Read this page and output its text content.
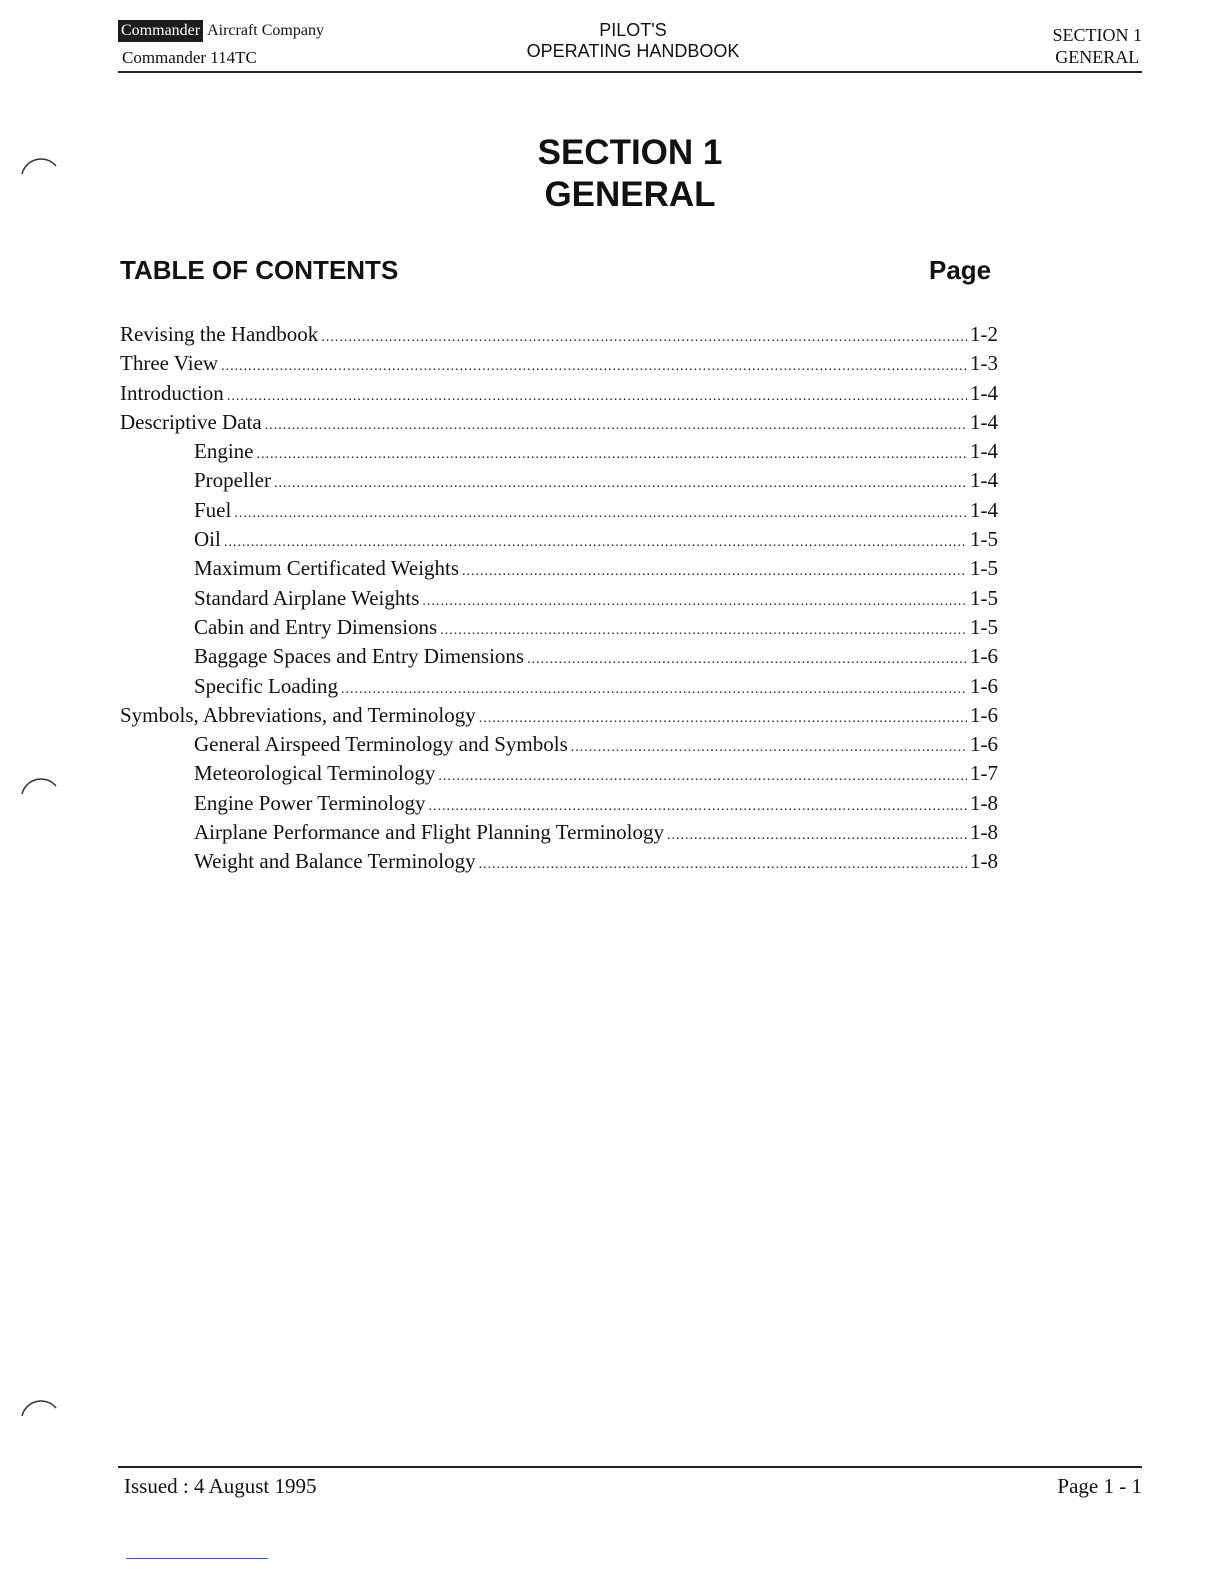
Commander Aircraft Company
Commander 114TC
PILOT'S
OPERATING HANDBOOK
SECTION 1
GENERAL
SECTION 1
GENERAL
TABLE OF CONTENTS	Page
Revising the Handbook .....	1-2
Three View .....	1-3
Introduction .....	1-4
Descriptive Data .....	1-4
Engine .....	1-4
Propeller .....	1-4
Fuel .....	1-4
Oil .....	1-5
Maximum Certificated Weights .....	1-5
Standard Airplane Weights .....	1-5
Cabin and Entry Dimensions .....	1-5
Baggage Spaces and Entry Dimensions .....	1-6
Specific Loading .....	1-6
Symbols, Abbreviations, and Terminology .....	1-6
General Airspeed Terminology and Symbols .....	1-6
Meteorological Terminology .....	1-7
Engine Power Terminology .....	1-8
Airplane Performance and Flight Planning Terminology .....	1-8
Weight and Balance Terminology .....	1-8
Issued : 4 August 1995	Page 1 - 1
